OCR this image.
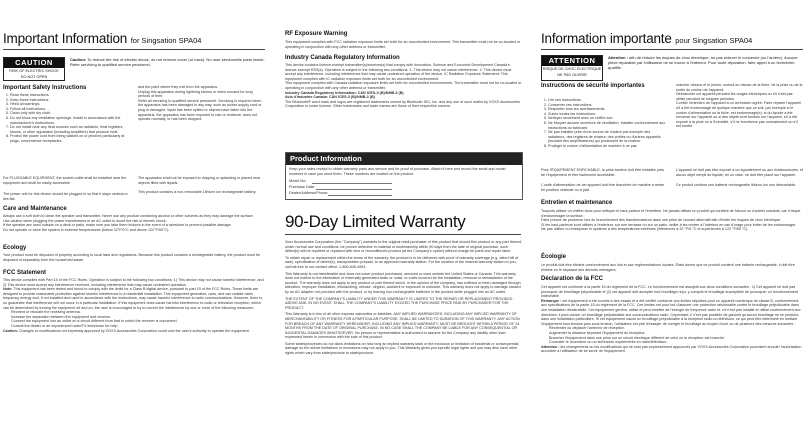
Important Information for Singsation SPA04
CAUTION
RISK OF ELECTRIC SHOCK
DO NOT OPEN
Caution: To reduce the risk of electric shock, do not remove cover (or back). No user-serviceable parts inside. Refer servicing to qualified service personnel.
Important Safety Instructions
1. Read these instructions.
2. Keep these instructions.
3. Heed all warnings.
4. Follow all instructions.
5. Clean only with dry cloth.
6. Do not block any ventilation openings. Install in accordance with the manufacturer's instructions.
7. Do not install near any heat sources such as radiators, heat registers, stoves, or other apparatus (including amplifiers) that produce heat.
8. Protect the power cord from being walked on or pinched particularly at plugs, convenience receptacles.
and the point where they exit from the apparatus.
Unplug this apparatus during lightning storms or when unused for long periods of time.
Refer all servicing to qualified service personnel. Servicing is required when the apparatus has been damaged in any way, such as power-supply cord or plug is damaged, liquid has been spilled or objects have fallen into the apparatus, the apparatus has been exposed to rain or moisture, does not operate normally, or has been dropped.
For PLUGGABLE EQUIPMENT, the socket-outlet shall be installed near the equipment and shall be easily accessible.
The power unit for this device should be plugged in so that it stays vertical or lies flat.
The apparatus shall not be exposed to dripping or splashing or placed near objects filled with liquids.
This product contains a non-removable Lithium Ion rechargeable battery.
Care and Maintenance
Always use a soft cloth to clean the speaker and transmitter. Never use any product containing alcohol or other solvents as they may damage the surface.
Use caution when plugging the power transformers in an AC outlet to avoid the risk of electric shock.
If the speaker are used outside on a deck or patio, make sure you take them indoors in the event of a rainstorm to prevent possible damage.
Do not operate or store the system in extreme temperatures (below 32°F/0°C and above 122°F/50°C).
Ecology
Your product must be disposed of properly according to local laws and regulations. Because this product contains a rechargeable battery, the product must be disposed of separately from the household waste.
FCC Statement
This device complies with Part 15 of the FCC Rules. Operation is subject to the following two conditions: 1) This device may not cause harmful interference, and 2) This device must accept any interference received, including interference that may cause undesired operation.
Note: This equipment has been tested and found to comply with the limits for a Class B digital device, pursuant to part 15 of the FCC Rules. These limits are designed to provide reasonable protection against harmful interference in a residential installation. This equipment generates, uses, and can radiate radio frequency energy and, if not installed and used in accordance with the instructions, may cause harmful interference to radio communications. However, there is no guarantee that interference will not occur in a particular installation. If this equipment does cause harmful interference to radio or television reception, which can be determined by turning the equipment off and on, the user is encouraged to try to correct the interference by one or more of the following measures:
Reorient or relocate the receiving antenna.
Increase the separation between the equipment and receiver.
Connect the equipment into an outlet on a circuit different from that to which the receiver is connected.
Consult the dealer or an experienced radio/TV technician for help.
Caution: Changes or modifications not expressly approved by VOXX Accessories Corporation could void the user's authority to operate the equipment.
RF Exposure Warning
This equipment complies with FCC radiation exposure limits set forth for an uncontrolled environment. This transmitter must not be co-located or operating in conjunction with any other antenna or transmitter.
Industry Canada Regulatory Information
This device contains licence-exempt transmitter(s)/receiver(s) that comply with Innovation, Science and Economic Development Canada's licence-exempt RSS(s). Operation is subject to the following two conditions: 1. This device may not cause interference. 2. This device must accept any interference, including interference that may cause undesired operation of the device. IC Radiation Exposure Statement: This equipment complies with IC radiation exposure limits set forth for an uncontrolled environment.
This equipment complies with Canada radiation exposure limits set forth for uncontrolled environments. The transmitter must not be co-located or operating in conjunction with any other antenna or transmitter.
Industry Canada Regulatory Information: CAN ICES-3 (B)/NMB-3 (B)
Avis d'Industrie Canada: CAN ICES-3 (B)/NMB-3 (B)
The Bluetooth® word mark and logos are registered trademarks owned by Bluetooth SIG, Inc. and any use of such marks by VOXX Accessories Corporation is under license. Other trademarks and trade names are those of their respective owners.
Product Information
Keep your sales receipt to obtain warranty parts and service and for proof of purchase. Attach it here and record the serial and model numbers in case you need them. These numbers are located on the product.
Model No.:
Purchase Date:
Dealer/Address/Phone:
90-Day Limited Warranty
Voxx Accessories Corporation (the "Company") warrants to the original retail purchaser of this product that should this product or any part thereof, under normal use and conditions, be proven defective in material or workmanship within 90 days from the date of original purchase, such defect(s) will be repaired or replaced with new or reconditioned product (at the Company's option) without charge for parts and repair labor.
To obtain repair or replacement within the terms of the warranty, the product is to be delivered with proof of warranty coverage (e.g. dated bill of sale), specification of defect(s), transportation prepaid, to an approved warranty station. For the location of the nearest warranty station to you, call toll-free to our contact office: 1-800-645-4994.
This Warranty is not transferable and does not cover product purchased, serviced or used outside the United States or Canada. This warranty does not extend to the elimination of externally generated static or noise, to costs incurred for the installation, removal or reinstallation of the product. The warranty does not apply to any product or part thereof which, in the opinion of the company, has suffered or been damaged through alteration, improper installation, mishandling, misuse, neglect, accident or exposure to moisture. This warranty does not apply to damage caused by an AC adapter not provided with the product, or by leaving non-rechargeable batteries in the product while plugged into an AC outlet.
THE EXTENT OF THE COMPANY'S LIABILITY UNDER THIS WARRANTY IS LIMITED TO THE REPAIR OR REPLACEMENT PROVIDED ABOVE AND, IN NO EVENT, SHALL THE COMPANY'S LIABILITY EXCEED THE PURCHASE PRICE PAID BY PURCHASER FOR THE PRODUCT.
This Warranty is in lieu of all other express warranties or liabilities. ANY IMPLIED WARRANTIES, INCLUDING ANY IMPLIED WARRANTY OF MERCHANTABILITY OR FITNESS FOR A PARTICULAR PURPOSE, SHALL BE LIMITED TO DURATION OF THIS WARRANTY. ANY ACTION FOR BREACH OF ANY WARRANTY HEREUNDER, INCLUDING ANY IMPLIED WARRANTY, MUST BE BROUGHT WITHIN A PERIOD OF 24 MONTHS FROM THE DATE OF ORIGINAL PURCHASE. IN NO CASE SHALL THE COMPANY BE LIABLE FOR ANY CONSEQUENTIAL OR INCIDENTAL DAMAGES WHATSOEVER. No person or representative is authorized to assume for the Company any liability other than expressed herein in connection with the sale of this product.
Some states/provinces do not allow limitations on how long an implied warranty lasts or the exclusion or limitation of incidental or consequential damage so the above limitations or exclusions may not apply to you. This Warranty gives you specific legal rights and you may also have other rights which vary from state/province to state/province.
Information importante pour Singsation SPA04
ATTENTION
RISQUE DE CHOC ÉLECTRIQUE
NE PAS OUVRIR
Attention : afin de réduire les risques de choc électrique, ne pas enlever le couvercle (ou l'arrière). Aucune pièce réparable par l'utilisateur ne se trouve à l'intérieur. Pour toute réparation, faire appel à un technicien qualifié.
Instructions de sécurité importantes
1. Lire ces instructions.
2. Conserver ces instructions.
3. Respecter tous les avertissements.
4. Suivre toutes les instructions.
5. Nettoyer seulement avec un chiffon sec.
6. Ne bloquer aucune ouverture de ventilation. Installer conformément aux instructions du fabricant.
7. Ne pas installer près d'une source de chaleur par exemple des radiateurs, des registres de chaleur, des poêles ou d'autres appareils (incluant des amplificateurs) qui produisent de la chaleur.
8. Protéger le cordon d'alimentation de manière à ne pas
marcher dessus et le pincer, surtout au niveau de la fiche, de la prise ou de la sortie du cordon de l'appareil.
Débrancher cet appareil pendant les orages électriques ou s'il n'est pas utilisé pendant de longues périodes.
Confier l'entretien de l'appareil à un technicien agréé. Faire réparer l'appareil s'il a été endommagé de quelque manière que ce soit, par exemple si le cordon d'alimentation ou la fiche, est endommagé(e), si du liquide a été renversé sur l'appareil ou si des objets sont tombés sur l'appareil, s'il a été exposé à la pluie ou à l'humidité, s'il ne fonctionne pas normalement ou s'il est tombé.
Pour l'ÉQUIPEMENT ENFICHABLE, la prise secteur doit être installée près de l'équipement et être facilement accessible.
L'unité d'alimentation de cet appareil doit être branchée de manière à rester en position verticale ou à plat.
L'appareil ne doit pas être exposé à un égouttement ou aux éclaboussures, et aucun objet rempli de liquide, tel un vase, ne doit être placé sur l'appareil.
Ce produit contient une batterie rechargeable lithium-ion non démontable.
Entretien et maintenance
Toujours utiliser un chiffon doux pour nettoyer le haut-parleur et l'émetteur. Ne jamais utiliser un produit qui contient de l'alcool ou d'autres solvants, car il risque d'endommager la surface.
Faire preuve de prudence lors du branchement des transformateurs dans une prise de courant alternatif afin d'éviter les risques de choc électrique.
Si les haut-parleurs sont utilisés à l'extérieur, sur une terrasse ou sur un patio, veiller à les rentrer à l'intérieur en cas d'orage pour éviter de les endommager.
Ne pas utiliser ou entreposer le système à des températures extrêmes (inférieures à 32 °F/0 °C et supérieures à 122 °F/50 °C).
Écologie
Le produit doit être éliminé conformément aux lois et aux réglementations locales. Étant donné que ce produit contient une batterie rechargeable, il doit être éliminé en le séparant des déchets ménagers.
Déclaration de la FCC
Cet appareil est conforme à la partie 15 du règlement de la FCC. Le fonctionnement est assujetti aux deux conditions suivantes : 1) Cet appareil ne doit pas provoquer de brouillage préjudiciable et (2) cet appareil doit accepter tout brouillage reçu, y compris le brouillage susceptible de provoquer un fonctionnement indésirable.
Remarque : cet équipement a été soumis à des essais et a été certifié conforme aux limites stipulées pour un appareil numérique de classe B, conformément aux spécifications de la partie 15 du règlement de la FCC. Ces limites ont pour but d'assurer une protection raisonnable contre le brouillage préjudiciable dans une installation résidentielle. Cet équipement génère, utilise et peut émettre de l'énergie de fréquence radio et, s'il n'est pas installé et utilisé conformément aux directives, il peut causer un brouillage préjudiciable aux communications radio. Cependant, il n'est pas possible de garantir qu'aucun brouillage ne se produira dans une installation particulière. Si cet équipement cause un brouillage préjudiciable à la réception radio ou télévision, ce qui peut être déterminé en mettant l'équipement hors tension puis sous tension, l'utilisateur est prié d'essayer de corriger le brouillage au moyen d'une ou de plusieurs des mesures suivantes :
Réorienter ou déplacer l'antenne de réception.
Augmenter la distance séparant l'équipement du récepteur.
Brancher l'équipement dans une prise sur un circuit électrique différent de celui où le récepteur est branché.
Consulter le revendeur ou un technicien expérimenté en radio/télévision.
Attention : les changements ou les modifications qui ne sont pas expressément approuvés par VOXX Accessories Corporation pourraient annuler l'autorisation accordée à l'utilisateur de se servir de l'équipement.
